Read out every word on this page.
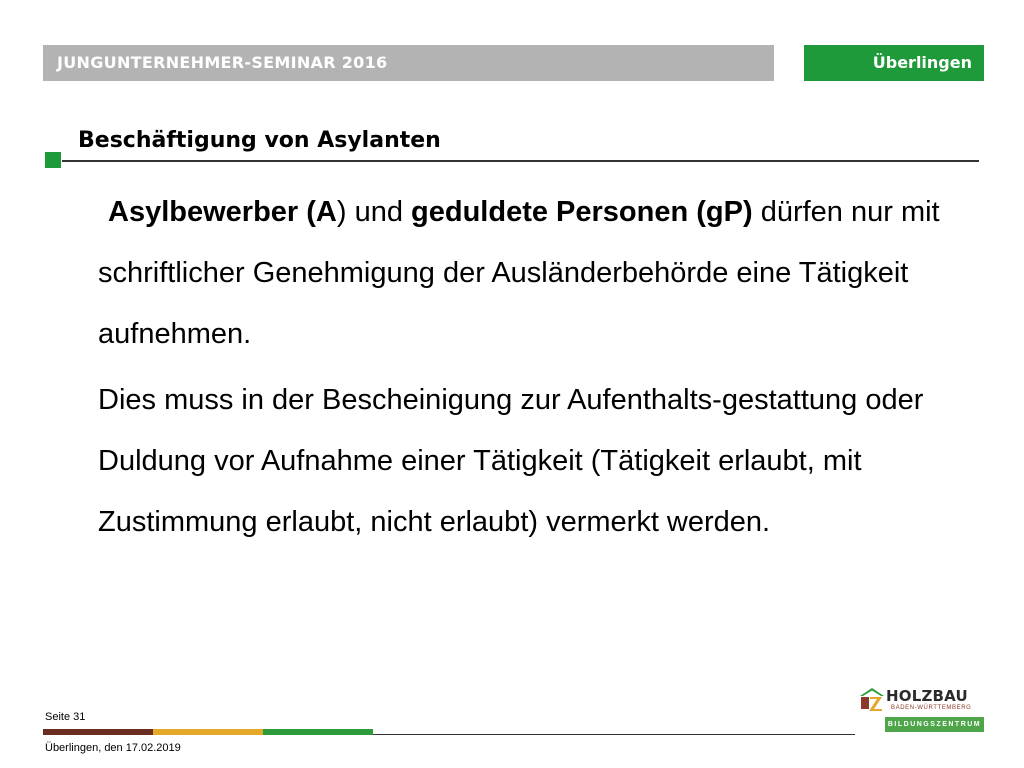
JUNGUNTERNEHMER-SEMINAR 2016	Überlingen
Beschäftigung von Asylanten
Asylbewerber (A) und geduldete Personen (gP) dürfen nur mit schriftlicher Genehmigung der Ausländerbehörde eine Tätigkeit aufnehmen.
Dies muss in der Bescheinigung zur Aufenthalts-gestattung oder Duldung vor Aufnahme einer Tätigkeit (Tätigkeit erlaubt, mit Zustimmung erlaubt, nicht erlaubt) vermerkt werden.
Seite 31
Überlingen, den 17.02.2019
HOLZBAU
BADEN-WÜRTTEMBERG
BILDUNGSZENTRUM
